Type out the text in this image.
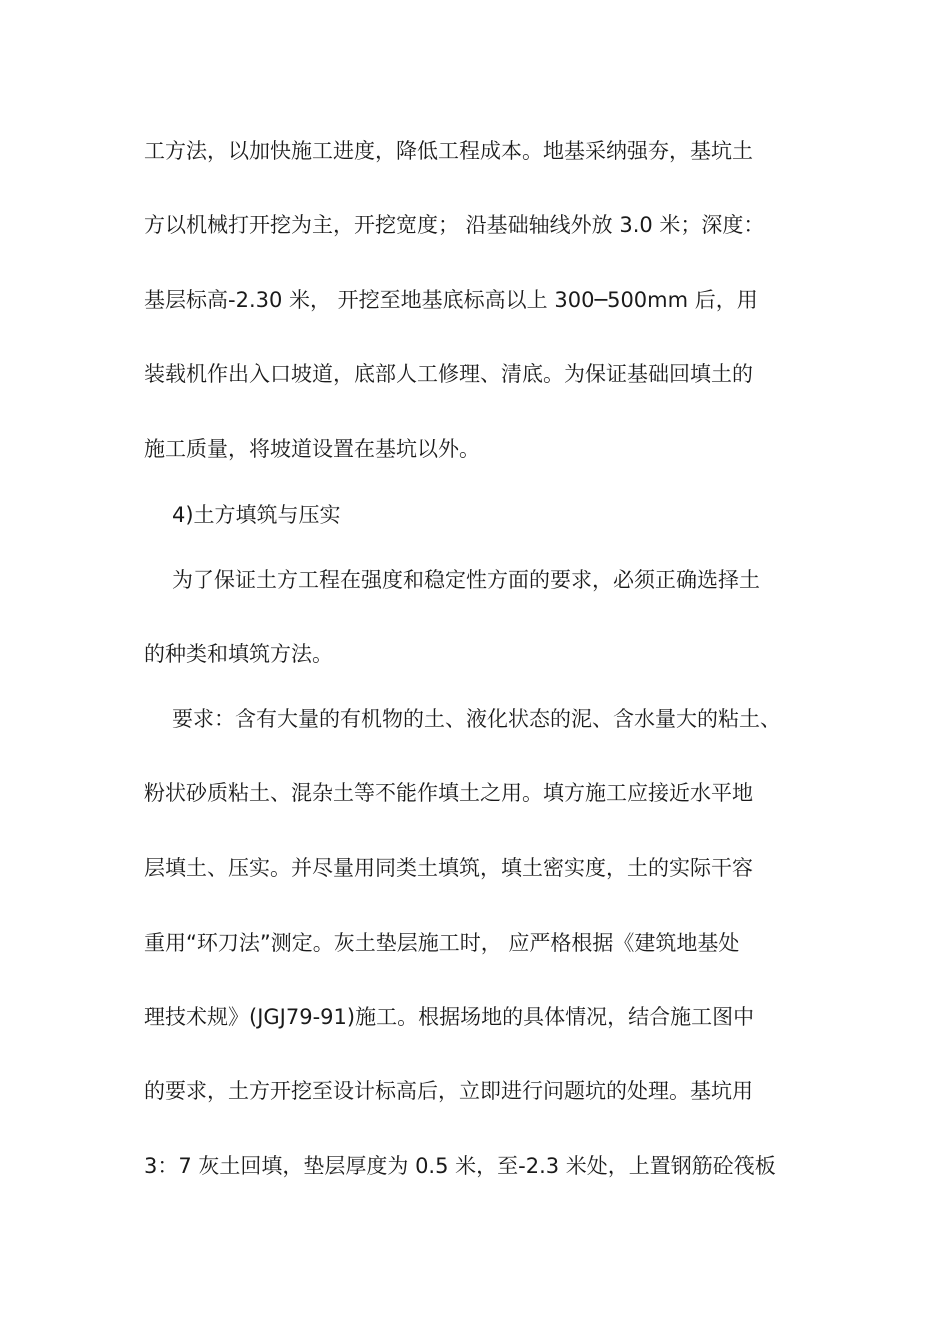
工方法，以加快施工进度，降低工程成本。地基采纳强夯，基坑土
方以机械打开挖为主，开挖宽度； 沿基础轴线外放 3.0 米；深度：
基层标高-2.30 米， 开挖至地基底标高以上 300─500mm 后，用
装载机作出入口坡道，底部人工修理、清底。为保证基础回填土的
施工质量，将坡道设置在基坑以外。
4)土方填筑与压实
为了保证土方工程在强度和稳定性方面的要求，必须正确选择土
的种类和填筑方法。
要求：含有大量的有机物的土、液化状态的泥、含水量大的粘土、
粉状砂质粘土、混杂土等不能作填土之用。填方施工应接近水平地
层填土、压实。并尽量用同类土填筑，填土密实度，土的实际干容
重用“环刀法”测定。灰土垫层施工时， 应严格根据《建筑地基处
理技术规》(JGJ79-91)施工。根据场地的具体情况，结合施工图中
的要求，土方开挖至设计标高后，立即进行问题坑的处理。基坑用
3：7 灰土回填，垫层厚度为 0.5 米，至-2.3 米处，上置钢筋砼筏板
